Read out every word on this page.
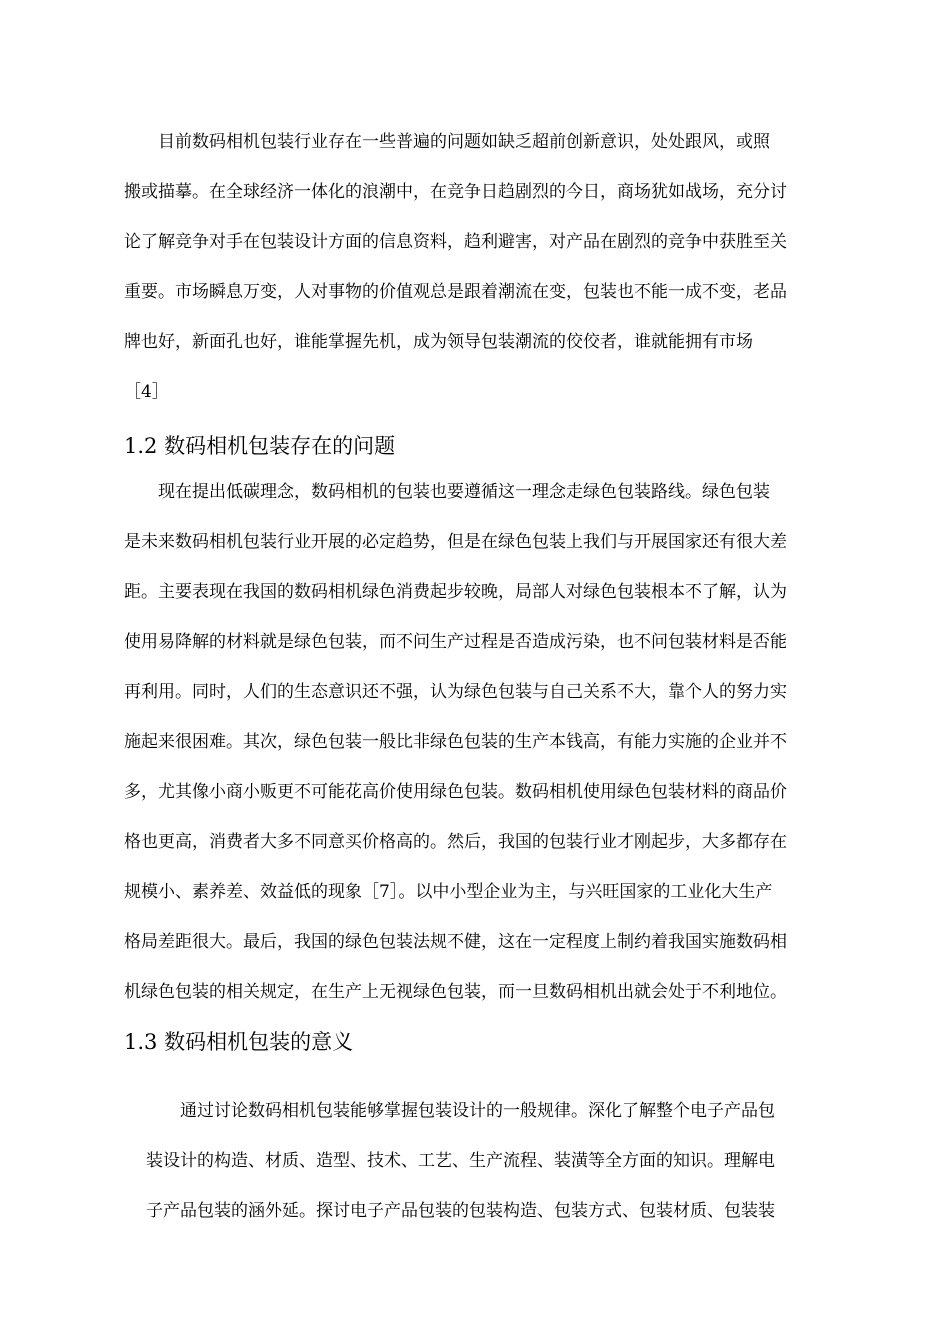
　　目前数码相机包装行业存在一些普遍的问题如缺乏超前创新意识，处处跟风，或照
搬或描摹。在全球经济一体化的浪潮中，在竞争日趋剧烈的今日，商场犹如战场，充分讨
论了解竞争对手在包装设计方面的信息资料，趋利避害，对产品在剧烈的竞争中获胜至关
重要。市场瞬息万变，人对事物的价值观总是跟着潮流在变，包装也不能一成不变，老品
牌也好，新面孔也好，谁能掌握先机，成为领导包装潮流的佼佼者，谁就能拥有市场
［4］
1.2 数码相机包装存在的问题
　　现在提出低碳理念，数码相机的包装也要遵循这一理念走绿色包装路线。绿色包装
是未来数码相机包装行业开展的必定趋势，但是在绿色包装上我们与开展国家还有很大差
距。主要表现在我国的数码相机绿色消费起步较晚，局部人对绿色包装根本不了解，认为
使用易降解的材料就是绿色包装，而不问生产过程是否造成污染，也不问包装材料是否能
再利用。同时，人们的生态意识还不强，认为绿色包装与自己关系不大，靠个人的努力实
施起来很困难。其次，绿色包装一般比非绿色包装的生产本钱高，有能力实施的企业并不
多，尤其像小商小贩更不可能花高价使用绿色包装。数码相机使用绿色包装材料的商品价
格也更高，消费者大多不同意买价格高的。然后，我国的包装行业才刚起步，大多都存在
规模小、素养差、效益低的现象［7］。以中小型企业为主，与兴旺国家的工业化大生产
格局差距很大。最后，我国的绿色包装法规不健，这在一定程度上制约着我国实施数码相
机绿色包装的相关规定，在生产上无视绿色包装，而一旦数码相机出就会处于不利地位。
1.3 数码相机包装的意义
　　通过讨论数码相机包装能够掌握包装设计的一般规律。深化了解整个电子产品包
装设计的构造、材质、造型、技术、工艺、生产流程、装潢等全方面的知识。理解电
子产品包装的涵外延。探讨电子产品包装的包装构造、包装方式、包装材质、包装装
